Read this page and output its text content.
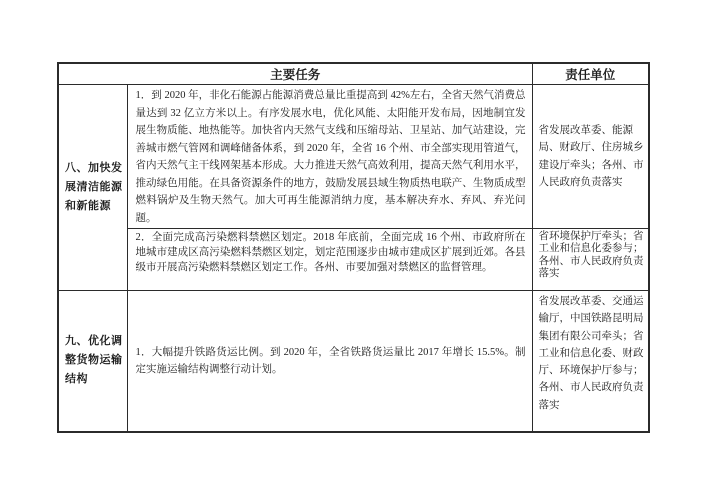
主要任务		责任单位
八、加快发展清洁能源和新能源	1．到 2020 年，非化石能源占能源消费总量比重提高到 42%左右，全省天然气消费总量达到 32 亿立方米以上。有序发展水电，优化风能、太阳能开发布局，因地制宜发展生物质能、地热能等。加快省内天然气支线和压缩母站、卫星站、加气站建设，完善城市燃气管网和调峰储备体系，到 2020 年，全省 16 个州、市全部实现用管道气，省内天然气主干线网架基本形成。大力推进天然气高效利用，提高天然气利用水平，推动绿色用能。在具备资源条件的地方，鼓励发展县域生物质热电联产、生物质成型燃料锅炉及生物天然气。加大可再生能源消纳力度，基本解决弃水、弃风、弃光问题。	省发展改革委、能源局、财政厅、住房城乡建设厅牵头；各州、市人民政府负责落实
	2．全面完成高污染燃料禁燃区划定。2018 年底前，全面完成 16 个州、市政府所在地城市建成区高污染燃料禁燃区划定，划定范围逐步由城市建成区扩展到近郊。各县级市开展高污染燃料禁燃区划定工作。各州、市要加强对禁燃区的监督管理。	省环境保护厅牵头；省工业和信息化委参与；各州、市人民政府负责落实
九、优化调整货物运输结构	1．大幅提升铁路货运比例。到 2020 年，全省铁路货运量比 2017 年增长 15.5%。制定实施运输结构调整行动计划。	省发展改革委、交通运输厅，中国铁路昆明局集团有限公司牵头；省工业和信息化委、财政厅、环境保护厅参与；各州、市人民政府负责落实
